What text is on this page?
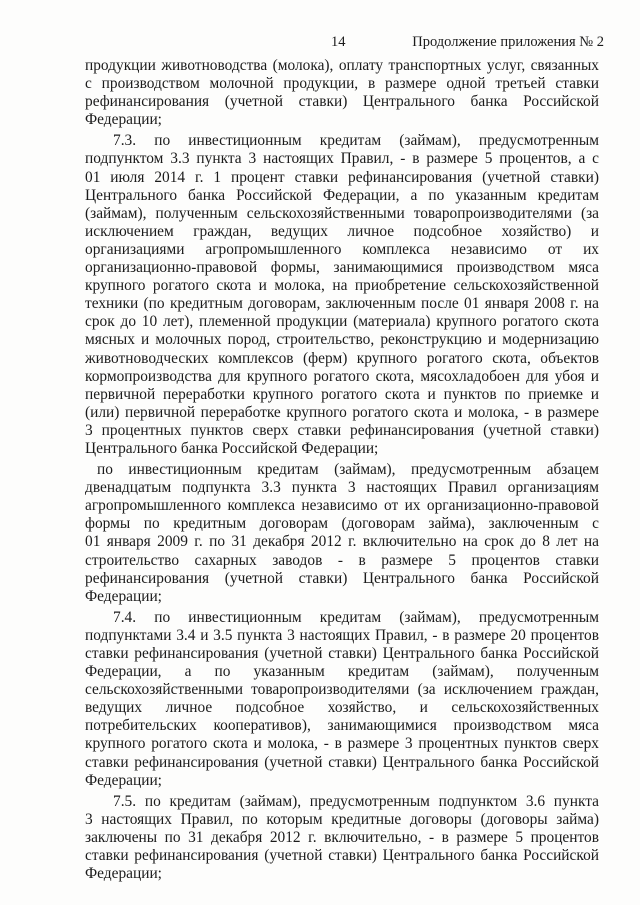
14	Продолжение приложения № 2
продукции животноводства (молока), оплату транспортных услуг, связанных
с производством молочной продукции, в размере одной третьей ставки
рефинансирования (учетной ставки) Центрального банка Российской
Федерации;
7.3. по инвестиционным кредитам (займам), предусмотренным
подпунктом 3.3 пункта 3 настоящих Правил, - в размере 5 процентов, а с
01 июля 2014 г. 1 процент ставки рефинансирования (учетной ставки)
Центрального банка Российской Федерации, а по указанным кредитам
(займам), полученным сельскохозяйственными товаропроизводителями (за
исключением граждан, ведущих личное подсобное хозяйство) и
организациями агропромышленного комплекса независимо от их
организационно-правовой формы, занимающимися производством мяса
крупного рогатого скота и молока, на приобретение сельскохозяйственной
техники (по кредитным договорам, заключенным после 01 января 2008 г. на
срок до 10 лет), племенной продукции (материала) крупного рогатого скота
мясных и молочных пород, строительство, реконструкцию и модернизацию
животноводческих комплексов (ферм) крупного рогатого скота, объектов
кормопроизводства для крупного рогатого скота, мясохладобоен для убоя и
первичной переработки крупного рогатого скота и пунктов по приемке и
(или) первичной переработке крупного рогатого скота и молока, - в размере
3 процентных пунктов сверх ставки рефинансирования (учетной ставки)
Центрального банка Российской Федерации;
по инвестиционным кредитам (займам), предусмотренным абзацем
двенадцатым подпункта 3.3 пункта 3 настоящих Правил организациям
агропромышленного комплекса независимо от их организационно-правовой
формы по кредитным договорам (договорам займа), заключенным с
01 января 2009 г. по 31 декабря 2012 г. включительно на срок до 8 лет на
строительство сахарных заводов - в размере 5 процентов ставки
рефинансирования (учетной ставки) Центрального банка Российской
Федерации;
7.4. по инвестиционным кредитам (займам), предусмотренным
подпунктами 3.4 и 3.5 пункта 3 настоящих Правил, - в размере 20 процентов
ставки рефинансирования (учетной ставки) Центрального банка Российской
Федерации, а по указанным кредитам (займам), полученным
сельскохозяйственными товаропроизводителями (за исключением граждан,
ведущих личное подсобное хозяйство, и сельскохозяйственных
потребительских кооперативов), занимающимися производством мяса
крупного рогатого скота и молока, - в размере 3 процентных пунктов сверх
ставки рефинансирования (учетной ставки) Центрального банка Российской
Федерации;
7.5. по кредитам (займам), предусмотренным подпунктом 3.6 пункта
3 настоящих Правил, по которым кредитные договоры (договоры займа)
заключены по 31 декабря 2012 г. включительно, - в размере 5 процентов
ставки рефинансирования (учетной ставки) Центрального банка Российской
Федерации;
